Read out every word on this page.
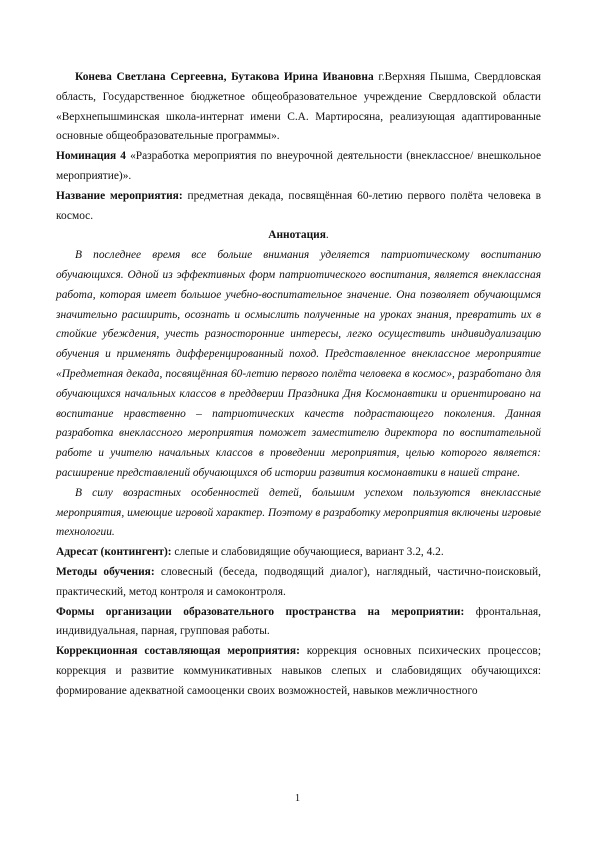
Конева Светлана Сергеевна, Бутакова Ирина Ивановна г.Верхняя Пышма, Свердловская область, Государственное бюджетное общеобразовательное учреждение Свердловской области «Верхнепышминская школа-интернат имени С.А. Мартиросяна, реализующая адаптированные основные общеобразовательные программы».

Номинация 4 «Разработка мероприятия по внеурочной деятельности (внеклассное/ внешкольное мероприятие)».

Название мероприятия: предметная декада, посвящённая 60-летию первого полёта человека в космос.

Аннотация.

В последнее время все больше внимания уделяется патриотическому воспитанию обучающихся. Одной из эффективных форм патриотического воспитания, является внеклассная работа, которая имеет большое учебно-воспитательное значение. Она позволяет обучающимся значительно расширить, осознать и осмыслить полученные на уроках знания, превратить их в стойкие убеждения, учесть разносторонние интересы, легко осуществить индивидуализацию обучения и применять дифференцированный поход. Представленное внеклассное мероприятие «Предметная декада, посвящённая 60-летию первого полёта человека в космос», разработано для обучающихся начальных классов в преддверии Праздника Дня Космонавтики и ориентировано на воспитание нравственно – патриотических качеств подрастающего поколения. Данная разработка внеклассного мероприятия поможет заместителю директора по воспитательной работе и учителю начальных классов в проведении мероприятия, целью которого является: расширение представлений обучающихся об истории развития космонавтики в нашей стране.

В силу возрастных особенностей детей, большим успехом пользуются внеклассные мероприятия, имеющие игровой характер. Поэтому в разработку мероприятия включены игровые технологии.

Адресат (контингент): слепые и слабовидящие обучающиеся, вариант 3.2, 4.2.

Методы обучения: словесный (беседа, подводящий диалог), наглядный, частично-поисковый, практический, метод контроля и самоконтроля.

Формы организации образовательного пространства на мероприятии: фронтальная, индивидуальная, парная, групповая работы.

Коррекционная составляющая мероприятия: коррекция основных психических процессов; коррекция и развитие коммуникативных навыков слепых и слабовидящих обучающихся: формирование адекватной самооценки своих возможностей, навыков межличностного

1
